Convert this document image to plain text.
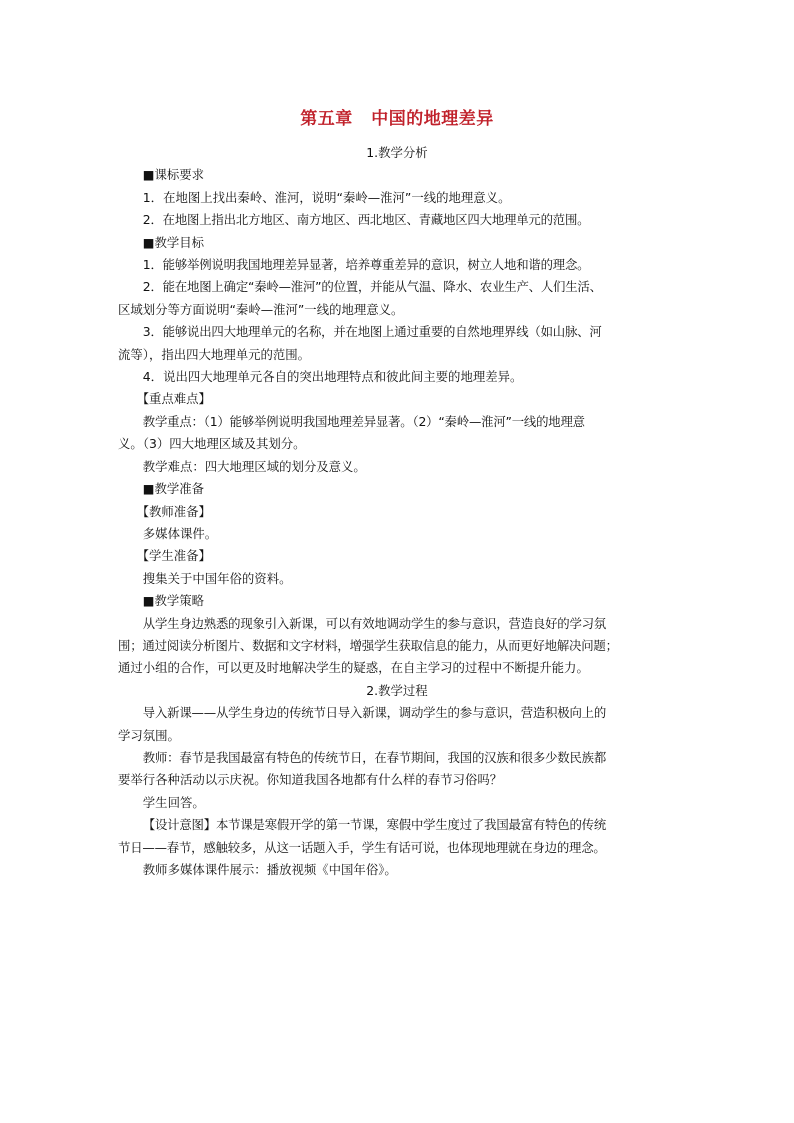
第五章 中国的地理差异
1.教学分析
■课标要求
1．在地图上找出秦岭、淮河，说明“秦岭—淮河”一线的地理意义。
2．在地图上指出北方地区、南方地区、西北地区、青藏地区四大地理单元的范围。
■教学目标
1．能够举例说明我国地理差异显著，培养尊重差异的意识，树立人地和谐的理念。
2．能在地图上确定“秦岭—淮河”的位置，并能从气温、降水、农业生产、人们生活、
区域划分等方面说明“秦岭—淮河”一线的地理意义。
3．能够说出四大地理单元的名称，并在地图上通过重要的自然地理界线（如山脉、河
流等），指出四大地理单元的范围。
4．说出四大地理单元各自的突出地理特点和彼此间主要的地理差异。
【重点难点】
教学重点：（1）能够举例说明我国地理差异显著。（2）“秦岭—淮河”一线的地理意
义。（3）四大地理区域及其划分。
教学难点：四大地理区域的划分及意义。
■教学准备
【教师准备】
多媒体课件。
【学生准备】
搜集关于中国年俗的资料。
■教学策略
从学生身边熟悉的现象引入新课，可以有效地调动学生的参与意识，营造良好的学习氛
围；通过阅读分析图片、数据和文字材料，增强学生获取信息的能力，从而更好地解决问题；
通过小组的合作，可以更及时地解决学生的疑惑，在自主学习的过程中不断提升能力。
2.教学过程
导入新课——从学生身边的传统节日导入新课，调动学生的参与意识，营造积极向上的
学习氛围。
教师：春节是我国最富有特色的传统节日，在春节期间，我国的汉族和很多少数民族都
要举行各种活动以示庆祝。你知道我国各地都有什么样的春节习俗吗？
学生回答。
【设计意图】本节课是寒假开学的第一节课，寒假中学生度过了我国最富有特色的传统
节日——春节，感触较多，从这一话题入手，学生有话可说，也体现地理就在身边的理念。
教师多媒体课件展示：播放视频《中国年俗》。
